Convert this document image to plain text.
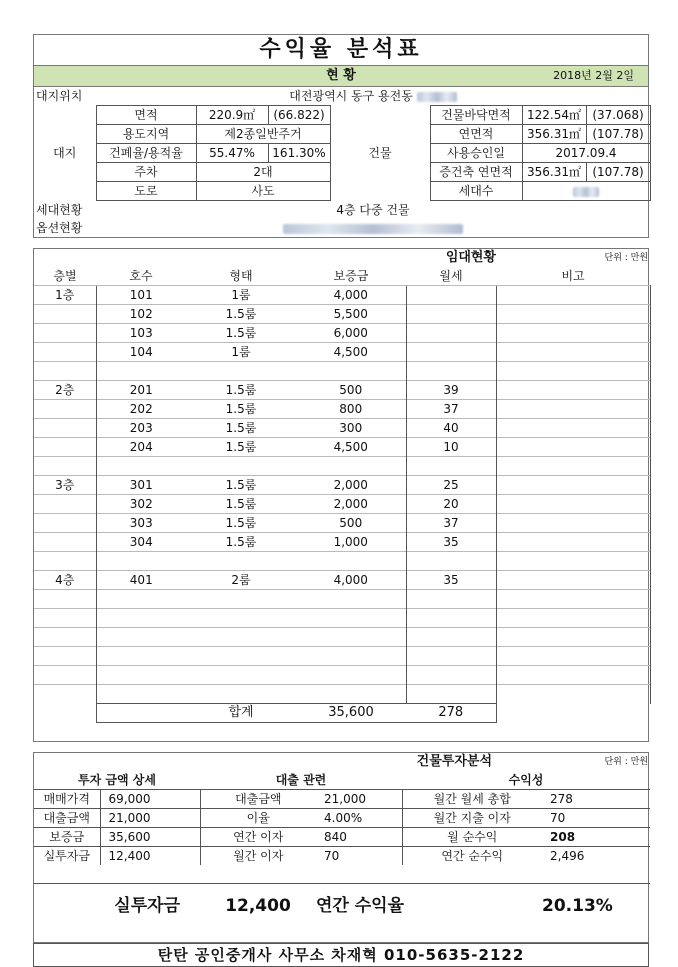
수익율 분석표
현 황	2018년 2월 2일
대지위치	대전광역시 동구 용전동						
대지	면적	220.9㎡	(66.822)	건물	건물바닥면적	122.54㎡	(37.068)
	용도지역	제2종일반주거			연면적	356.31㎡	(107.78)
	건폐율/용적율	55.47%	161.30%		사용승인일	2017.09.4	
	주차	2대			증건축 연면적	356.31㎡	(107.78)
	도로	사도			세대수		
세대현황	4층 다중 건물						
옵션현황							
임대현황					단위 : 만원
층별	호수	형태	보증금	월세	비고
1층	101	1룸	4,000		
	102	1.5룸	5,500		
	103	1.5룸	6,000		
	104	1룸	4,500		

2층	201	1.5룸	500	39	
	202	1.5룸	800	37	
	203	1.5룸	300	40	
	204	1.5룸	4,500	10	

3층	301	1.5룸	2,000	25	
	302	1.5룸	2,000	20	
	303	1.5룸	500	37	
	304	1.5룸	1,000	35	

4층	401	2룸	4,000	35	

		합계	35,600	278	

건물투자분석					단위 : 만원
투자 금액 상세		대출 관련		수익성	
매매가격	69,000	대출금액	21,000	월간 월세 총합	278
대출금액	21,000	이율	4.00%	월간 지출 이자	70
보증금	35,600	연간 이자	840	월 순수익	208
실투자금	12,400	월간 이자	70	연간 순수익	2,496

실투자금		12,400	연간 수익율		20.13%

탄탄 공인중개사 사무소 차재혁 010-5635-2122
